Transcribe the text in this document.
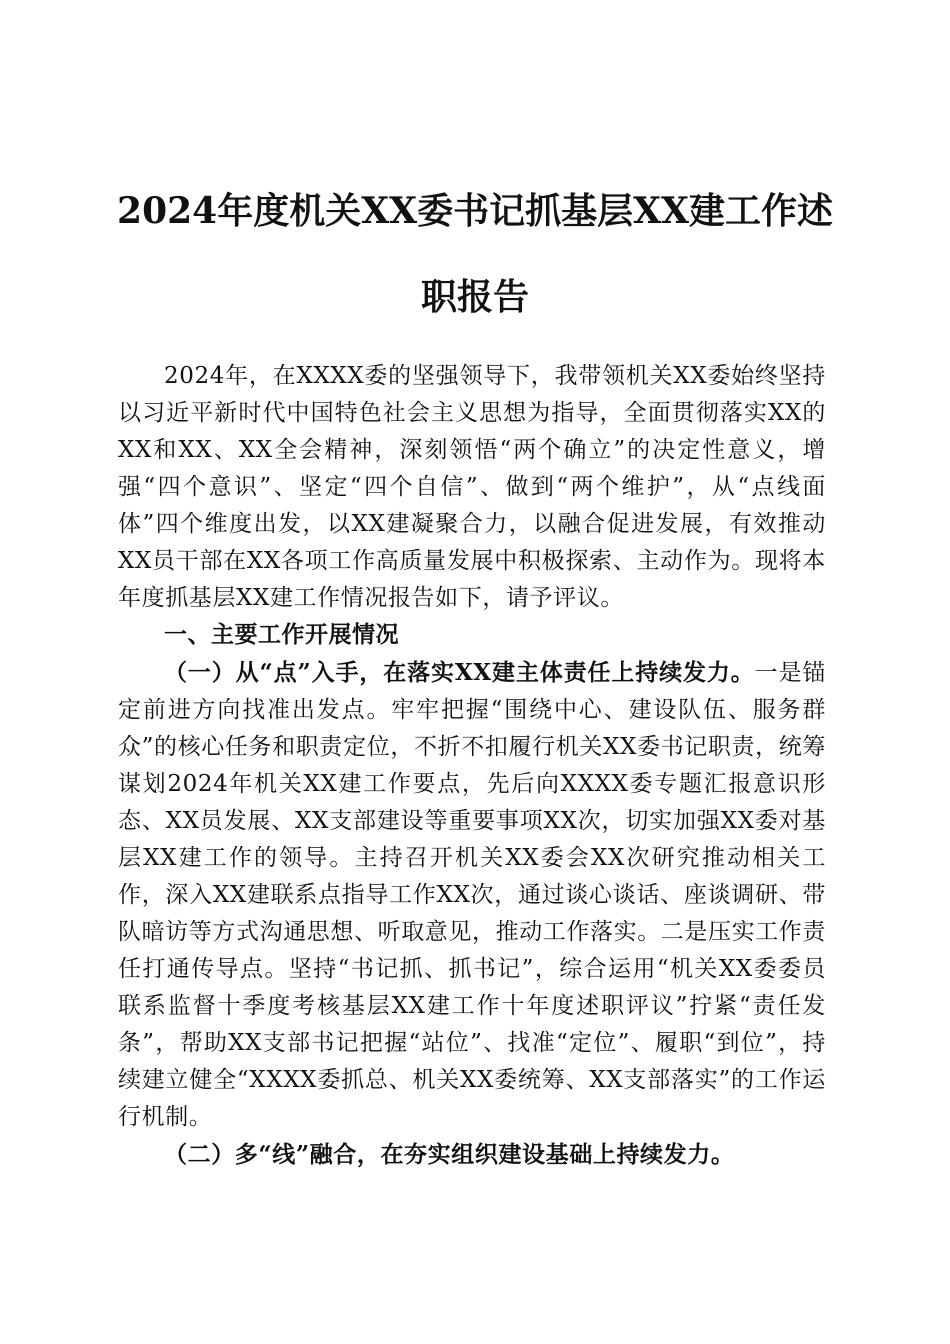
2024年度机关XX委书记抓基层XX建工作述职报告

2024年，在XXXX委的坚强领导下，我带领机关XX委始终坚持以习近平新时代中国特色社会主义思想为指导，全面贯彻落实XX的XX和XX、XX全会精神，深刻领悟“两个确立”的决定性意义，增强“四个意识”、坚定“四个自信”、做到“两个维护”，从“点线面体”四个维度出发，以XX建凝聚合力，以融合促进发展，有效推动XX员干部在XX各项工作高质量发展中积极探索、主动作为。现将本年度抓基层XX建工作情况报告如下，请予评议。

一、主要工作开展情况

（一）从“点”入手，在落实XX建主体责任上持续发力。一是锚定前进方向找准出发点。牢牢把握“围绕中心、建设队伍、服务群众”的核心任务和职责定位，不折不扣履行机关XX委书记职责，统筹谋划2024年机关XX建工作要点，先后向XXXX委专题汇报意识形态、XX员发展、XX支部建设等重要事项XX次，切实加强XX委对基层XX建工作的领导。主持召开机关XX委会XX次研究推动相关工作，深入XX建联系点指导工作XX次，通过谈心谈话、座谈调研、带队暗访等方式沟通思想、听取意见，推动工作落实。二是压实工作责任打通传导点。坚持“书记抓、抓书记”，综合运用“机关XX委委员联系监督十季度考核基层XX建工作十年度述职评议”拧紧“责任发条”，帮助XX支部书记把握“站位”、找准“定位”、履职“到位”，持续建立健全“XXXX委抓总、机关XX委统筹、XX支部落实”的工作运行机制。

（二）多“线”融合，在夯实组织建设基础上持续发力。
